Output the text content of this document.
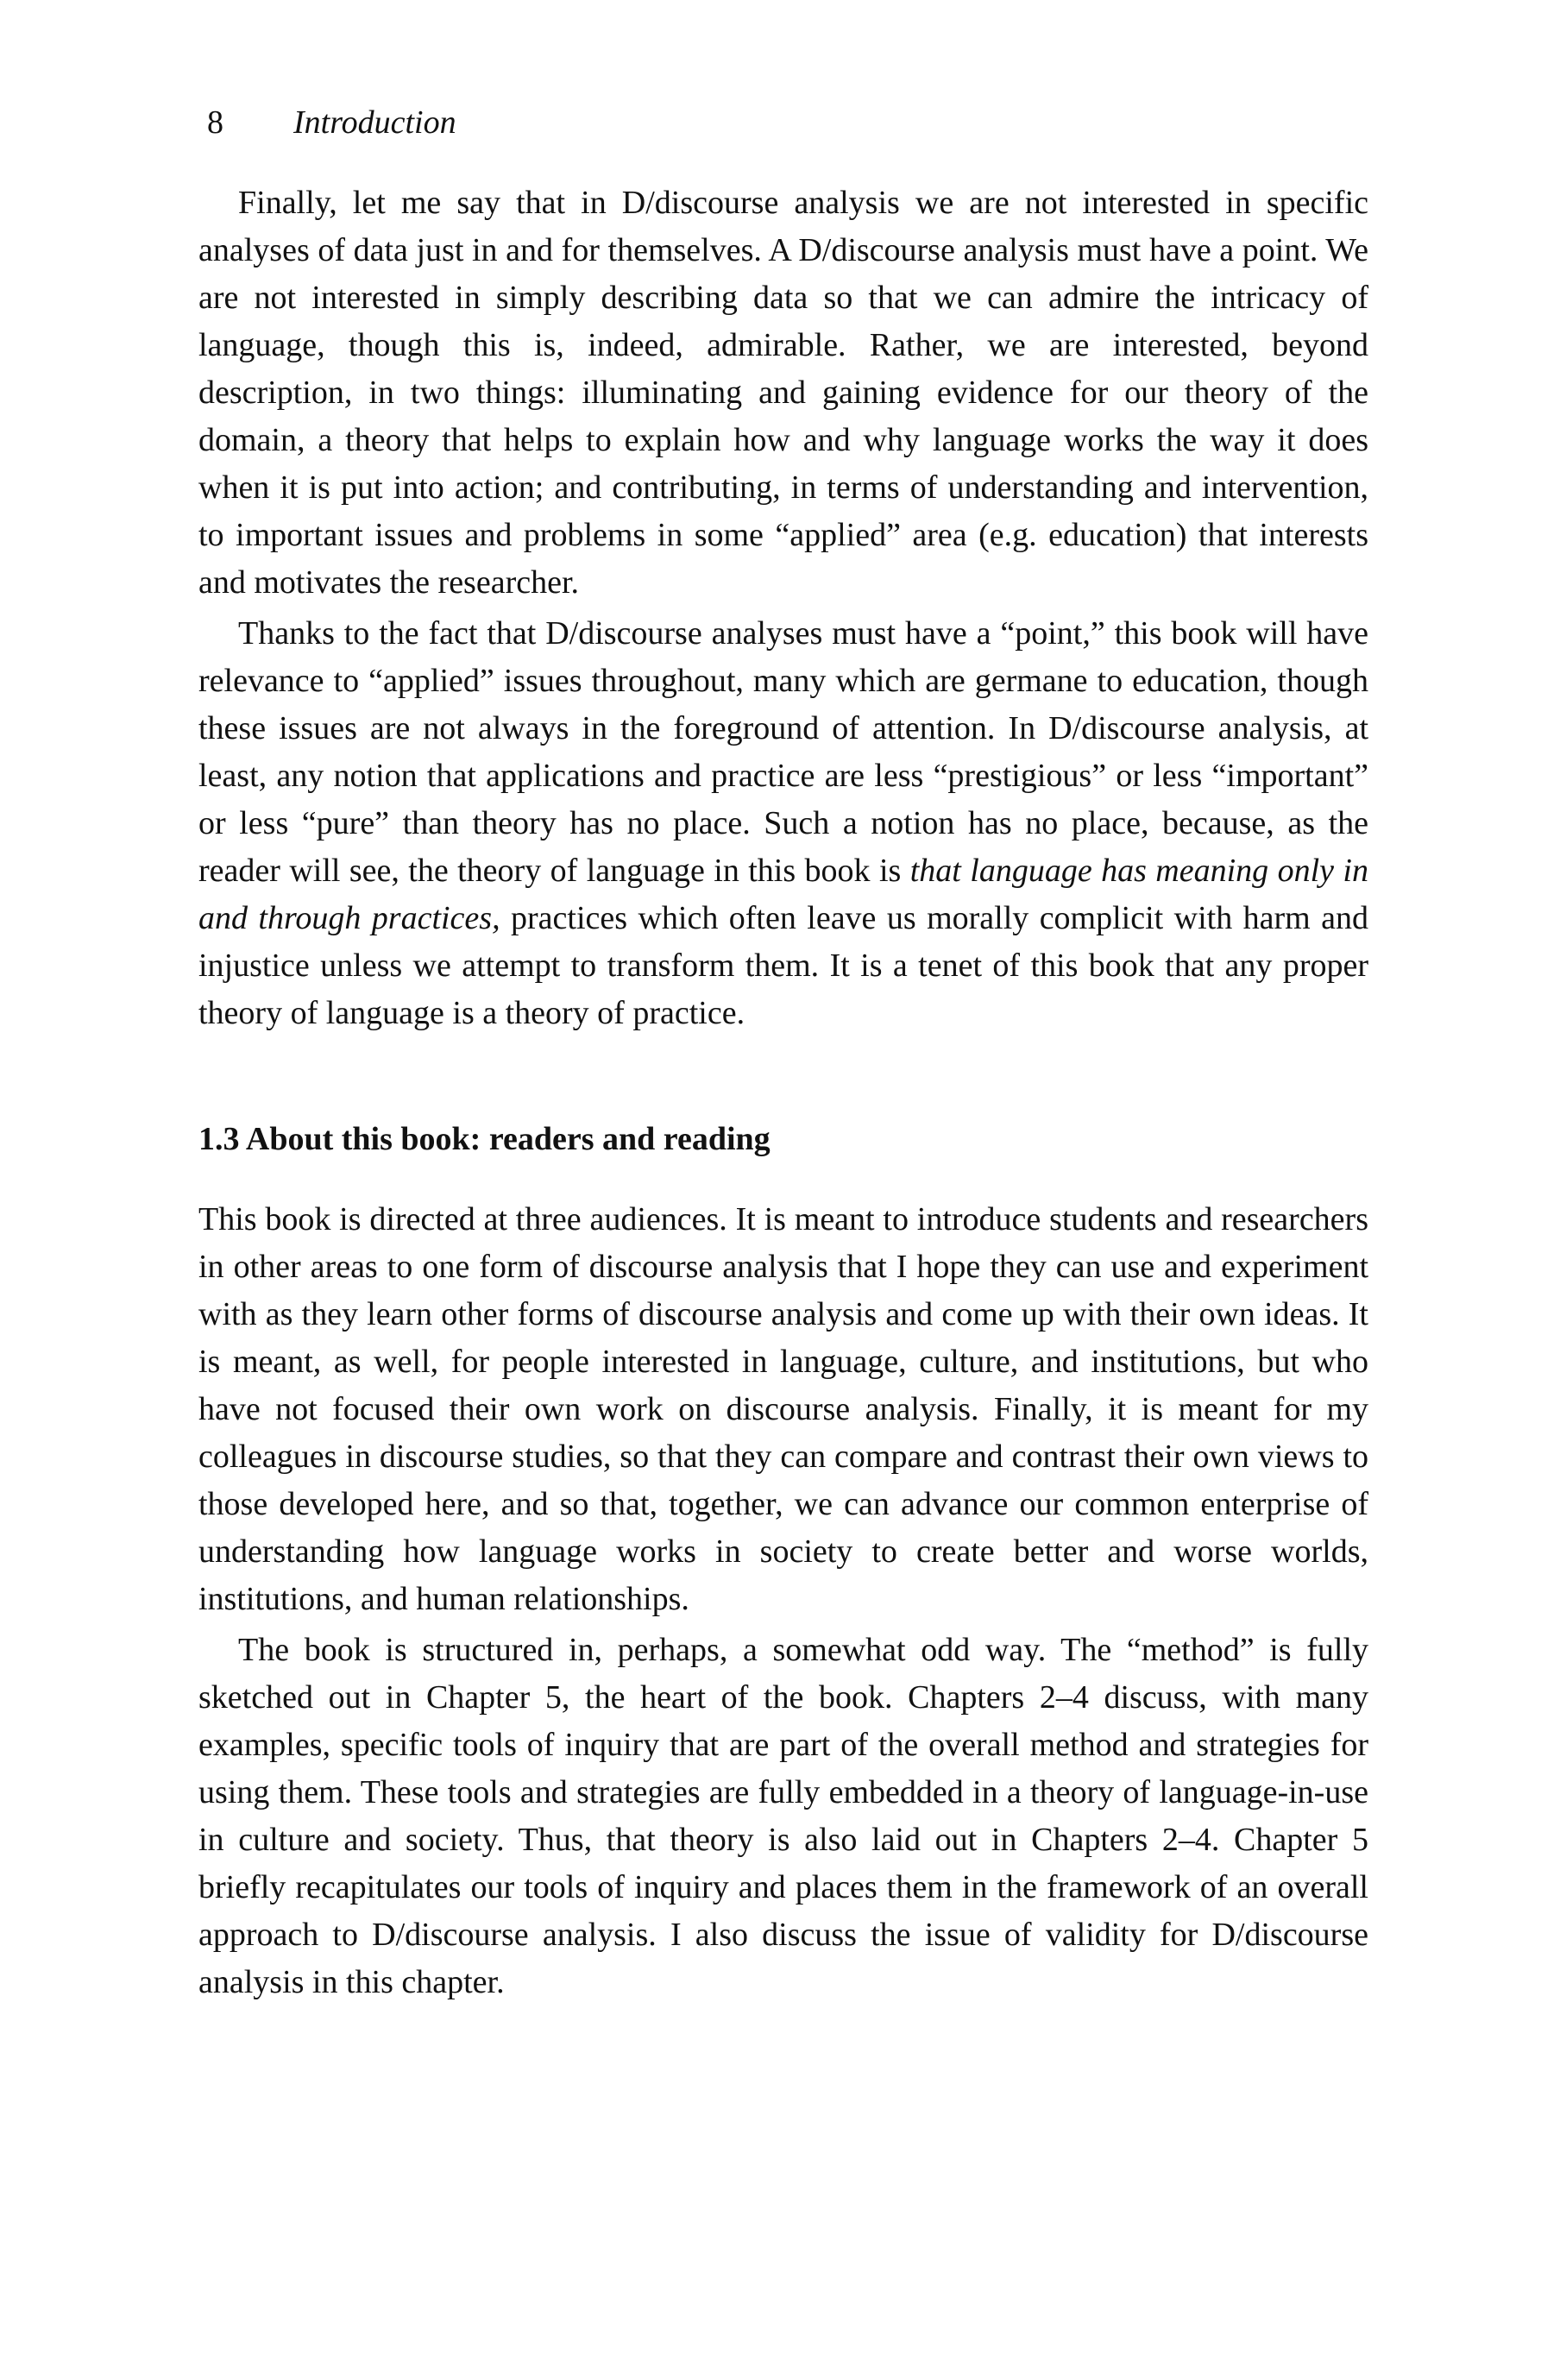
8 Introduction

Finally, let me say that in D/discourse analysis we are not interested in specific analyses of data just in and for themselves. A D/discourse analysis must have a point. We are not interested in simply describing data so that we can admire the intricacy of language, though this is, indeed, admirable. Rather, we are interested, beyond description, in two things: illuminating and gaining evidence for our theory of the domain, a theory that helps to explain how and why language works the way it does when it is put into action; and contributing, in terms of understanding and intervention, to important issues and problems in some “applied” area (e.g. education) that interests and motivates the researcher.

Thanks to the fact that D/discourse analyses must have a “point,” this book will have relevance to “applied” issues throughout, many which are germane to education, though these issues are not always in the foreground of attention. In D/discourse analysis, at least, any notion that applications and practice are less “prestigious” or less “important” or less “pure” than theory has no place. Such a notion has no place, because, as the reader will see, the theory of language in this book is that language has meaning only in and through practices, practices which often leave us morally complicit with harm and injustice unless we attempt to transform them. It is a tenet of this book that any proper theory of language is a theory of practice.

1.3 About this book: readers and reading

This book is directed at three audiences. It is meant to introduce students and researchers in other areas to one form of discourse analysis that I hope they can use and experiment with as they learn other forms of discourse analysis and come up with their own ideas. It is meant, as well, for people interested in language, culture, and institutions, but who have not focused their own work on discourse analysis. Finally, it is meant for my colleagues in discourse studies, so that they can compare and contrast their own views to those developed here, and so that, together, we can advance our common enterprise of understanding how language works in society to create better and worse worlds, institutions, and human relationships.

The book is structured in, perhaps, a somewhat odd way. The “method” is fully sketched out in Chapter 5, the heart of the book. Chapters 2–4 discuss, with many examples, specific tools of inquiry that are part of the overall method and strategies for using them. These tools and strategies are fully embedded in a theory of language-in-use in culture and society. Thus, that theory is also laid out in Chapters 2–4. Chapter 5 briefly recapitulates our tools of inquiry and places them in the framework of an overall approach to D/discourse analysis. I also discuss the issue of validity for D/discourse analysis in this chapter.
